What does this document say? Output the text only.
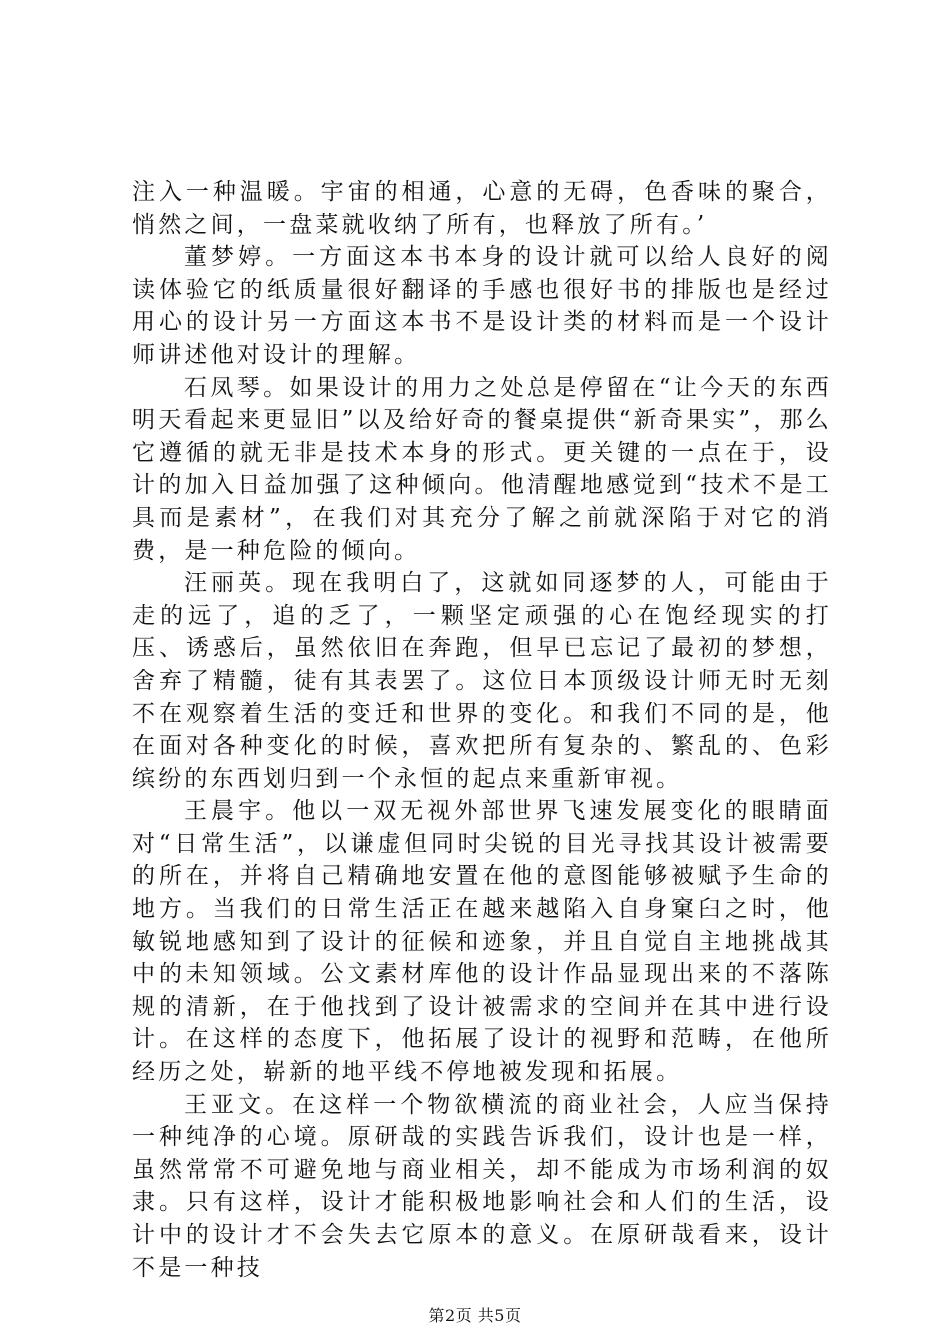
注入一种温暖。宇宙的相通，心意的无碍，色香味的聚合，悄然之间，一盘菜就收纳了所有，也释放了所有。’

董梦婷。一方面这本书本身的设计就可以给人良好的阅读体验它的纸质量很好翻译的手感也很好书的排版也是经过用心的设计另一方面这本书不是设计类的材料而是一个设计师讲述他对设计的理解。

石凤琴。如果设计的用力之处总是停留在“让今天的东西明天看起来更显旧”以及给好奇的餐桌提供“新奇果实”，那么它遵循的就无非是技术本身的形式。更关键的一点在于，设计的加入日益加强了这种倾向。他清醒地感觉到“技术不是工具而是素材”，在我们对其充分了解之前就深陷于对它的消费，是一种危险的倾向。

汪丽英。现在我明白了，这就如同逐梦的人，可能由于走的远了，追的乏了，一颗坚定顽强的心在饱经现实的打压、诱惑后，虽然依旧在奔跑，但早已忘记了最初的梦想，舍弃了精髓，徒有其表罢了。这位日本顶级设计师无时无刻不在观察着生活的变迁和世界的变化。和我们不同的是，他在面对各种变化的时候，喜欢把所有复杂的、繁乱的、色彩缤纷的东西划归到一个永恒的起点来重新审视。

王晨宇。他以一双无视外部世界飞速发展变化的眼睛面对“日常生活”，以谦虚但同时尖锐的目光寻找其设计被需要的所在，并将自己精确地安置在他的意图能够被赋予生命的地方。当我们的日常生活正在越来越陷入自身窠臼之时，他敏锐地感知到了设计的征候和迹象，并且自觉自主地挑战其中的未知领域。公文素材库他的设计作品显现出来的不落陈规的清新，在于他找到了设计被需求的空间并在其中进行设计。在这样的态度下，他拓展了设计的视野和范畴，在他所经历之处，崭新的地平线不停地被发现和拓展。

王亚文。在这样一个物欲横流的商业社会，人应当保持一种纯净的心境。原研哉的实践告诉我们，设计也是一样，虽然常常不可避免地与商业相关，却不能成为市场利润的奴隶。只有这样，设计才能积极地影响社会和人们的生活，设计中的设计才不会失去它原本的意义。在原研哉看来，设计不是一种技

第2页 共5页
